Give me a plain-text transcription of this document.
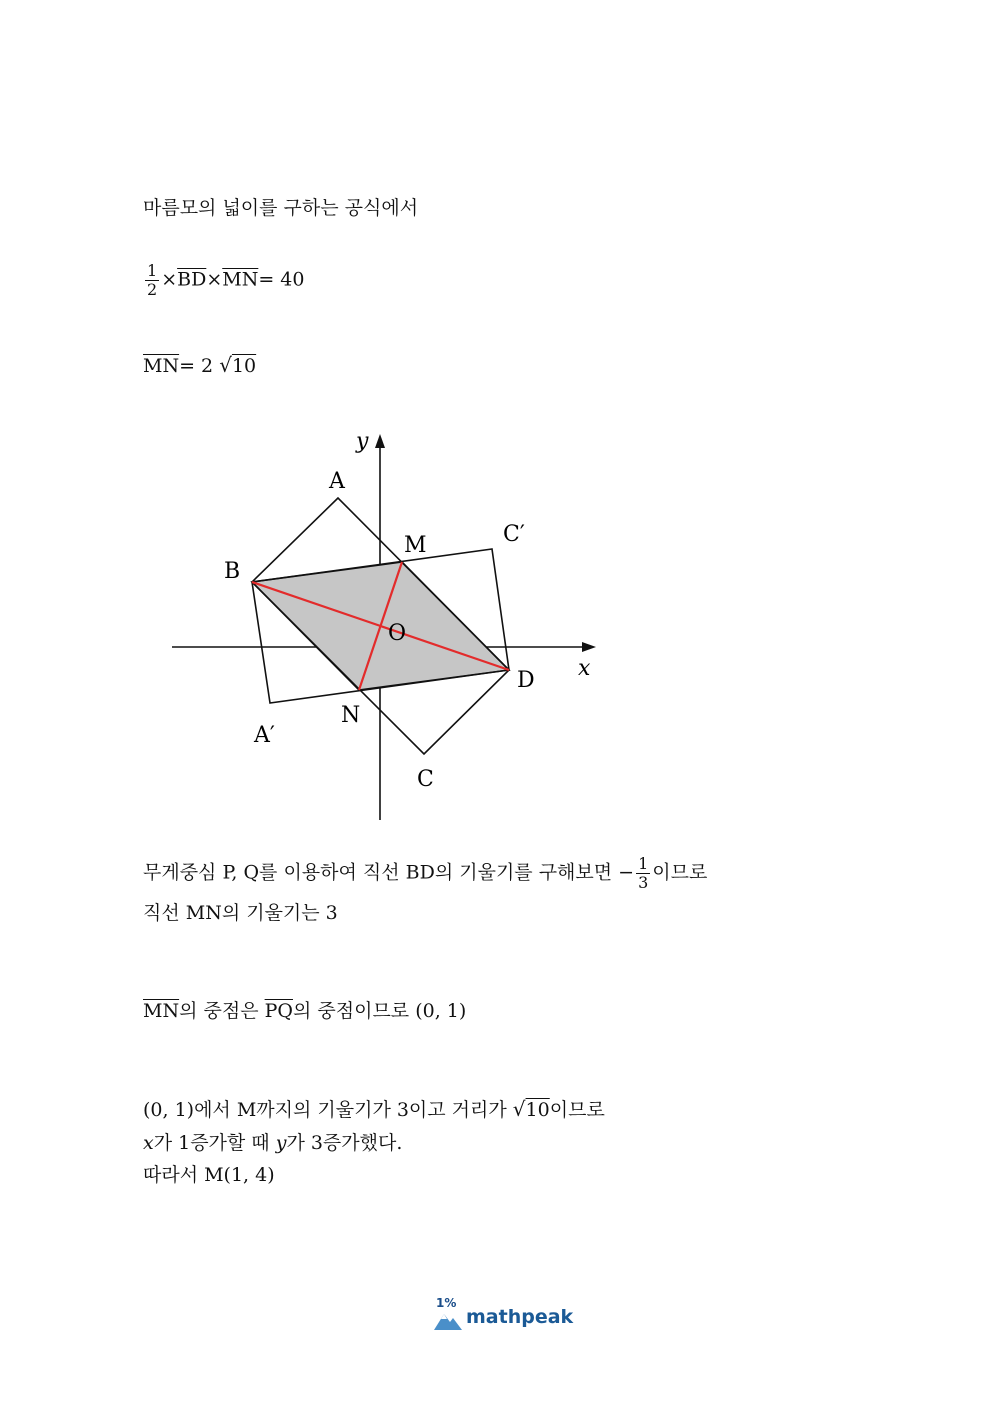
마름모의 넓이를 구하는 공식에서
$\frac{1}{2} \times\overline{BD}\times\overline{MN}= 40$
$\overline{MN}= 2$ √10
y
x
A
B
C
D
M
N
O
A′
C′
무게중심 P, Q를 이용하여 직선 BD의 기울기를 구해보면 − $\frac{1}{3}$ 이므로
직선 MN의 기울기는 3
$\overline{MN}$의 중점은 $\overline{PQ}$의 중점이므로 (0, 1)
(0, 1)에서 M까지의 기울기가 3이고 거리가 √10이므로
x가 1증가할 때 y가 3증가했다.
따라서 M(1, 4)
1%
mathpeak
